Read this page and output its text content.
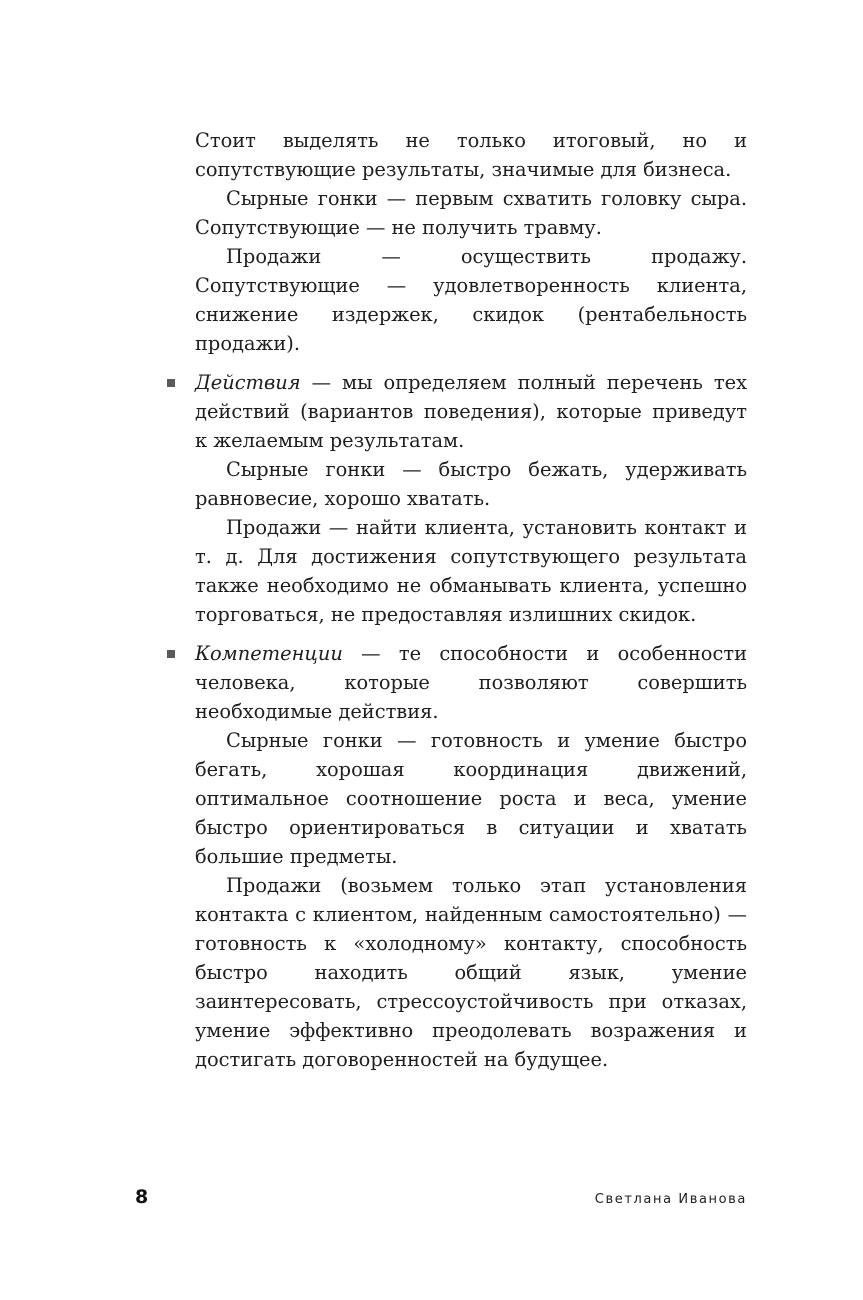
Стоит выделять не только итоговый, но и сопутствующие результаты, значимые для бизнеса.

Сырные гонки — первым схватить головку сыра. Сопутствующие — не получить травму.

Продажи — осуществить продажу. Сопутствующие — удовлетворенность клиента, снижение издержек, скидок (рентабельность продажи).

Действия — мы определяем полный перечень тех действий (вариантов поведения), которые приведут к желаемым результатам.

Сырные гонки — быстро бежать, удерживать равновесие, хорошо хватать.

Продажи — найти клиента, установить контакт и т. д. Для достижения сопутствующего результата также необходимо не обманывать клиента, успешно торговаться, не предоставляя излишних скидок.

Компетенции — те способности и особенности человека, которые позволяют совершить необходимые действия.

Сырные гонки — готовность и умение быстро бегать, хорошая координация движений, оптимальное соотношение роста и веса, умение быстро ориентироваться в ситуации и хватать большие предметы.

Продажи (возьмем только этап установления контакта с клиентом, найденным самостоятельно) — готовность к «холодному» контакту, способность быстро находить общий язык, умение заинтересовать, стрессоустойчивость при отказах, умение эффективно преодолевать возражения и достигать договоренностей на будущее.

8	Светлана Иванова
